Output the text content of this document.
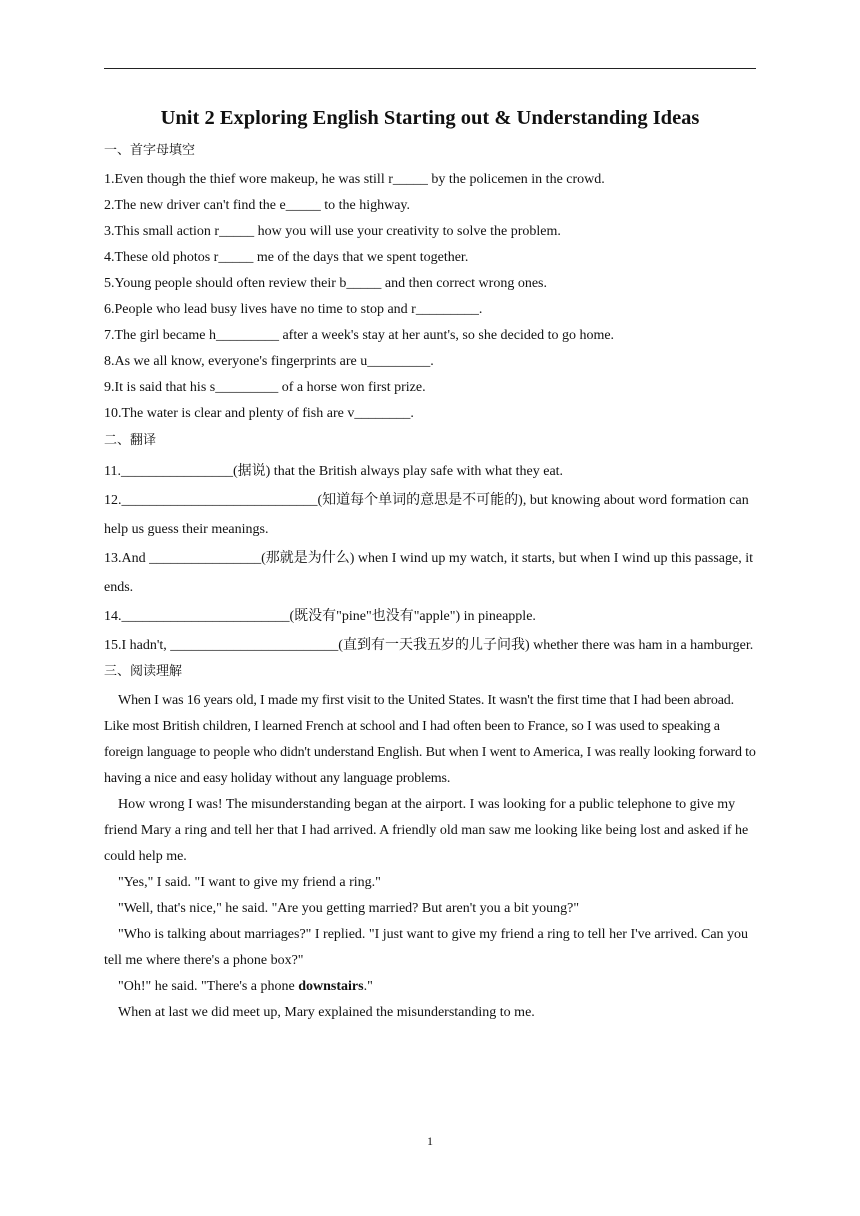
Unit 2 Exploring English Starting out & Understanding Ideas
一、首字母填空
1.Even though the thief wore makeup, he was still r_____ by the policemen in the crowd.
2.The new driver can't find the e_____ to the highway.
3.This small action r_____ how you will use your creativity to solve the problem.
4.These old photos r_____ me of the days that we spent together.
5.Young people should often review their b_____ and then correct wrong ones.
6.People who lead busy lives have no time to stop and r_________.
7.The girl became h_________ after a week's stay at her aunt's, so she decided to go home.
8.As we all know, everyone's fingerprints are u_________.
9.It is said that his s_________ of a horse won first prize.
10.The water is clear and plenty of fish are v________.
二、翻译
11.________________(据说) that the British always play safe with what they eat.
12.____________________________(知道每个单词的意思是不可能的), but knowing about word formation can help us guess their meanings.
13.And ________________(那就是为什么) when I wind up my watch, it starts, but when I wind up this passage, it ends.
14.________________________(既没有"pine"也没有"apple") in pineapple.
15.I hadn't, ________________________(直到有一天我五岁的儿子问我) whether there was ham in a hamburger.
三、阅读理解

When I was 16 years old, I made my first visit to the United States. It wasn't the first time that I had been abroad. Like most British children, I learned French at school and I had often been to France, so I was used to speaking a foreign language to people who didn't understand English. But when I went to America, I was really looking forward to having a nice and easy holiday without any language problems.

How wrong I was! The misunderstanding began at the airport. I was looking for a public telephone to give my friend Mary a ring and tell her that I had arrived. A friendly old man saw me looking like being lost and asked if he could help me.

"Yes," I said. "I want to give my friend a ring."

"Well, that's nice," he said. "Are you getting married? But aren't you a bit young?"

"Who is talking about marriages?" I replied. "I just want to give my friend a ring to tell her I've arrived. Can you tell me where there's a phone box?"

"Oh!" he said. "There's a phone downstairs."

When at last we did meet up, Mary explained the misunderstanding to me.

1
